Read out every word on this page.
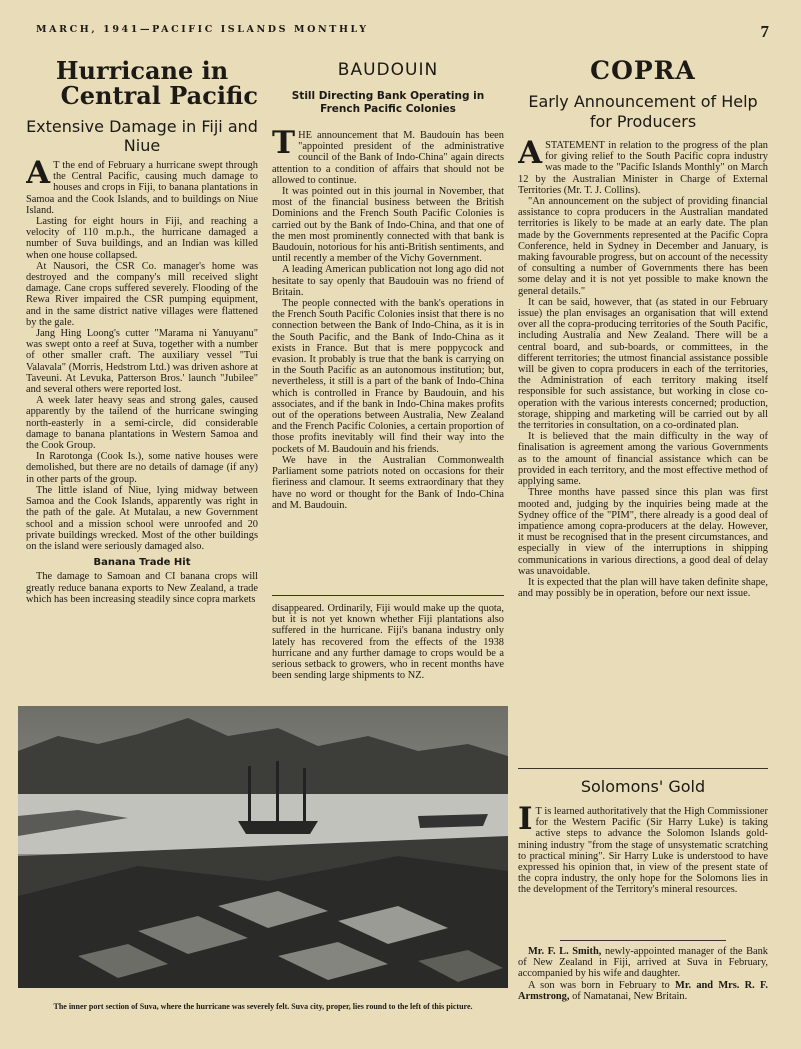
MARCH, 1941—PACIFIC ISLANDS MONTHLY	7
Hurricane in
Central Pacific
Extensive Damage in Fiji and Niue

A T the end of February a hurricane swept through the Central Pacific, causing much damage to houses and crops in Fiji, to banana plantations in Samoa and the Cook Islands, and to buildings on Niue Island.

Lasting for eight hours in Fiji, and reaching a velocity of 110 m.p.h., the hurricane damaged a number of Suva buildings, and an Indian was killed when one house collapsed.

At Nausori, the CSR Co. manager's home was destroyed and the company's mill received slight damage. Cane crops suffered severely. Flooding of the Rewa River impaired the CSR pumping equipment, and in the same district native villages were flattened by the gale.

Jang Hing Loong's cutter "Marama ni Yanuyanu" was swept onto a reef at Suva, together with a number of other smaller craft. The auxiliary vessel "Tui Valavala" (Morris, Hedstrom Ltd.) was driven ashore at Taveuni. At Levuka, Patterson Bros.' launch "Jubilee" and several others were reported lost.

A week later heavy seas and strong gales, caused apparently by the tailend of the hurricane swinging north-easterly in a semi-circle, did considerable damage to banana plantations in Western Samoa and the Cook Group.

In Rarotonga (Cook Is.), some native houses were demolished, but there are no details of damage (if any) in other parts of the group.

The little island of Niue, lying midway between Samoa and the Cook Islands, apparently was right in the path of the gale. At Mutalau, a new Government school and a mission school were unroofed and 20 private buildings wrecked. Most of the other buildings on the island were seriously damaged also.

Banana Trade Hit

The damage to Samoan and CI banana crops will greatly reduce banana exports to New Zealand, a trade which has been increasing steadily since copra markets

BAUDOUIN
Still Directing Bank Operating in French Pacific Colonies

THE announcement that M. Baudouin has been "appointed president of the administrative council of the Bank of Indo-China" again directs attention to a condition of affairs that should not be allowed to continue.

It was pointed out in this journal in November, that most of the financial business between the British Dominions and the French South Pacific Colonies is carried out by the Bank of Indo-China, and that one of the men most prominently connected with that bank is Baudouin, notorious for his anti-British sentiments, and until recently a member of the Vichy Government.

A leading American publication not long ago did not hesitate to say openly that Baudouin was no friend of Britain.

The people connected with the bank's operations in the French South Pacific Colonies insist that there is no connection between the Bank of Indo-China, as it is in the South Pacific, and the Bank of Indo-China as it exists in France. But that is mere poppycock and evasion. It probably is true that the bank is carrying on in the South Pacific as an autonomous institution; but, nevertheless, it still is a part of the bank of Indo-China which is controlled in France by Baudouin, and his associates, and if the bank in Indo-China makes profits out of the operations between Australia, New Zealand and the French Pacific Colonies, a certain proportion of those profits inevitably will find their way into the pockets of M. Baudouin and his friends.

We have in the Australian Commonwealth Parliament some patriots noted on occasions for their fieriness and clamour. It seems extraordinary that they have no word or thought for the Bank of Indo-China and M. Baudouin.

disappeared. Ordinarily, Fiji would make up the quota, but it is not yet known whether Fiji plantations also suffered in the hurricane. Fiji's banana industry only lately has recovered from the effects of the 1938 hurricane and any further damage to crops would be a serious setback to growers, who in recent months have been sending large shipments to NZ.

The inner port section of Suva, where the hurricane was severely felt. Suva city, proper, lies round to the left of this picture.
COPRA
Early Announcement of Help for Producers

ASTATEMENT in relation to the progress of the plan for giving relief to the South Pacific copra industry was made to the "Pacific Islands Monthly" on March 12 by the Australian Minister in Charge of External Territories (Mr. T. J. Collins).

"An announcement on the subject of providing financial assistance to copra producers in the Australian mandated territories is likely to be made at an early date. The plan made by the Governments represented at the Pacific Copra Conference, held in Sydney in December and January, is making favourable progress, but on account of the necessity of consulting a number of Governments there has been some delay and it is not yet possible to make known the general details."

It can be said, however, that (as stated in our February issue) the plan envisages an organisation that will extend over all the copra-producing territories of the South Pacific, including Australia and New Zealand. There will be a central board, and sub-boards, or committees, in the different territories; the utmost financial assistance possible will be given to copra producers in each of the territories, the Administration of each territory making itself responsible for such assistance, but working in close co-operation with the various interests concerned; production, storage, shipping and marketing will be carried out by all the territories in consultation, on a co-ordinated plan.

It is believed that the main difficulty in the way of finalisation is agreement among the various Governments as to the amount of financial assistance which can be provided in each territory, and the most effective method of applying same.

Three months have passed since this plan was first mooted and, judging by the inquiries being made at the Sydney office of the "PIM", there already is a good deal of impatience among copra-producers at the delay. However, it must be recognised that in the present circumstances, and especially in view of the interruptions in shipping communications in various directions, a good deal of delay was unavoidable.

It is expected that the plan will have taken definite shape, and may possibly be in operation, before our next issue.

Solomons' Gold

I T is learned authoritatively that the High Commissioner for the Western Pacific (Sir Harry Luke) is taking active steps to advance the Solomon Islands gold-mining industry "from the stage of unsystematic scratching to practical mining". Sir Harry Luke is understood to have expressed his opinion that, in view of the present state of the copra industry, the only hope for the Solomons lies in the development of the Territory's mineral resources.

Mr. F. L. Smith, newly-appointed manager of the Bank of New Zealand in Fiji, arrived at Suva in February, accompanied by his wife and daughter.

A son was born in February to Mr. and Mrs. R. F. Armstrong, of Namatanai, New Britain.
